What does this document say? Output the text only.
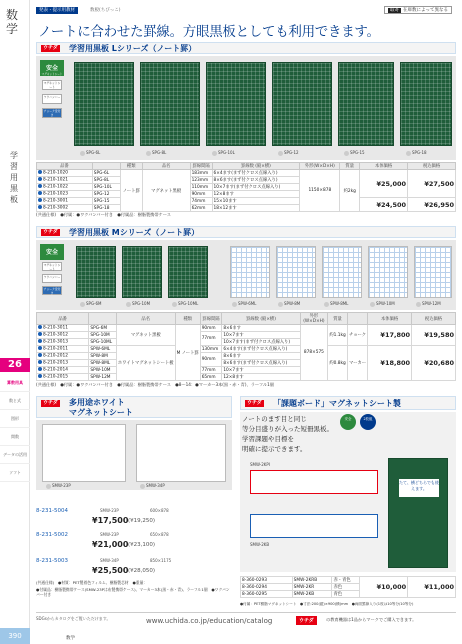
数学
学習用黒板
26
算数用具
数と式
図形
関数
データの活用
ソフト
390
発表・提示用教材	数板(ちびっこ)	取寄 在庫数によって異なる
ノートに合わせた罫線。方眼黒板としても利用できます。
ウチダ 学習用黒板 Lシリーズ（ノート罫）
安全
マグネットシート
マグネットシート
ワクバンバー
チョーク受付き
SPG-6L	SPG-8L	SPG-10L	SPG-12	SPG-15	SPG-18
品番		種類	品名	罫線間隔	罫線数 (縦×横)	外形(W×D×H)	質量	本体価格	税込価格
8-210-1020	SPG-6L	ノート罫	マグネット黒板	183mm	6×4ます(まず付クロス点線入り)	1150×878	約2kg	¥25,000	¥27,500
8-210-1021	SPG-8L			123mm	8×6ます(まず付クロス点線入り)				
8-210-1022	SPG-10L			110mm	10×7ます(まず付クロス点線入り)				
8-210-1023	SPG-12			90mm	12×8ます				
8-210-3001	SPG-15			74mm	15×10ます			¥24,500	¥26,950
8-210-3002	SPG-18			62mm	18×12ます				
(共通仕様)　●付属：●ワクバンバー付き　●付属品：樹脂製携帯ケース
ウチダ 学習用黒板 Mシリーズ（ノート罫）
安全
マグネットシート
ワクバンバー
チョーク受付き
SPG-6M	SPG-10M	SPG-10ML	SPW-6ML	SPW-8M	SPW-8ML	SPW-10M	SPW-12M
品番		品名	種類	罫線間隔	罫線数 (縦×横)	外形(W×D×H)	質量		本体価格	税込価格
8-210-3011	SPG-6M	マグネット黒板	M ノート罫	90mm	8×6ます	878×575	約1.1kg	チョーク	¥17,800	¥19,580
8-210-3012	SPG-10M			77mm	10×7ます					
8-210-3013	SPG-10ML				10×7ます(まず付クロス点線入り)					
8-210-2011	SPW-6ML	ホワイトマグネットシート板		130mm	6×4ます(まず付クロス点線入り)		約0.8kg	マーカー	¥18,800	¥20,680
8-210-2012	SPW-8M			90mm	8×6ます					
8-210-2013	SPW-8ML				8×6ます(まず付クロス点線入り)					
8-210-2014	SPW-10M			77mm	10×7ます					
8-210-2015	SPW-12M			65mm	12×8ます					
(共通仕様)　●付属：●ワクバンバー付き　●付属品：樹脂製携帯ケース　●8〜14：●マーカー3本(黒・赤・青)、ラーフル1個
ウチダ 多用途ホワイト
マグネットシート
SMW-23P	SMW-34P
8-231-5004	SMW-23P	600×878
¥17,500 (¥19,250)
8-231-5002	SMW-23P	650×878
¥21,000 (¥23,100)
8-231-5003	SMW-34P	850×1175
¥25,500 (¥28,050)
(共通仕様)　●材質：PET製着色フィルム、樹脂製芯材　●重量：
●付属品：樹脂製携帯ケース(SMW-23Pは布製携帯ケース)、マーカー3本(黒・赤・青)、ラーフル1個　●ワクバンバー付き
ウチダ 「課題ボード」マグネットシート製
ノートのます目と同じ
等分目盛りが入った短冊黒板。
学習課題や目標を
明確に提示できます。
安全	2枚組
たて、横どちらでも使えます。
SMW-2KPI
SMW-2KB
8-360-0293	SMW-2KRB	赤・青色	¥10,000	¥11,000
8-360-0294	SMW-2KR	赤色		
8-360-0295	SMW-2KB	青色		
●付属：PET樹脂マグネットシート　●寸法:200(縦)×900(横)mm　●両面罫線入り(1枚は10等分/10等分)
SDGsからカタログをご覧いただけます。	www.uchida.co.jp/education/catalog	ウチダ	の教育機器は1品からマークでご購入できます。
数学
